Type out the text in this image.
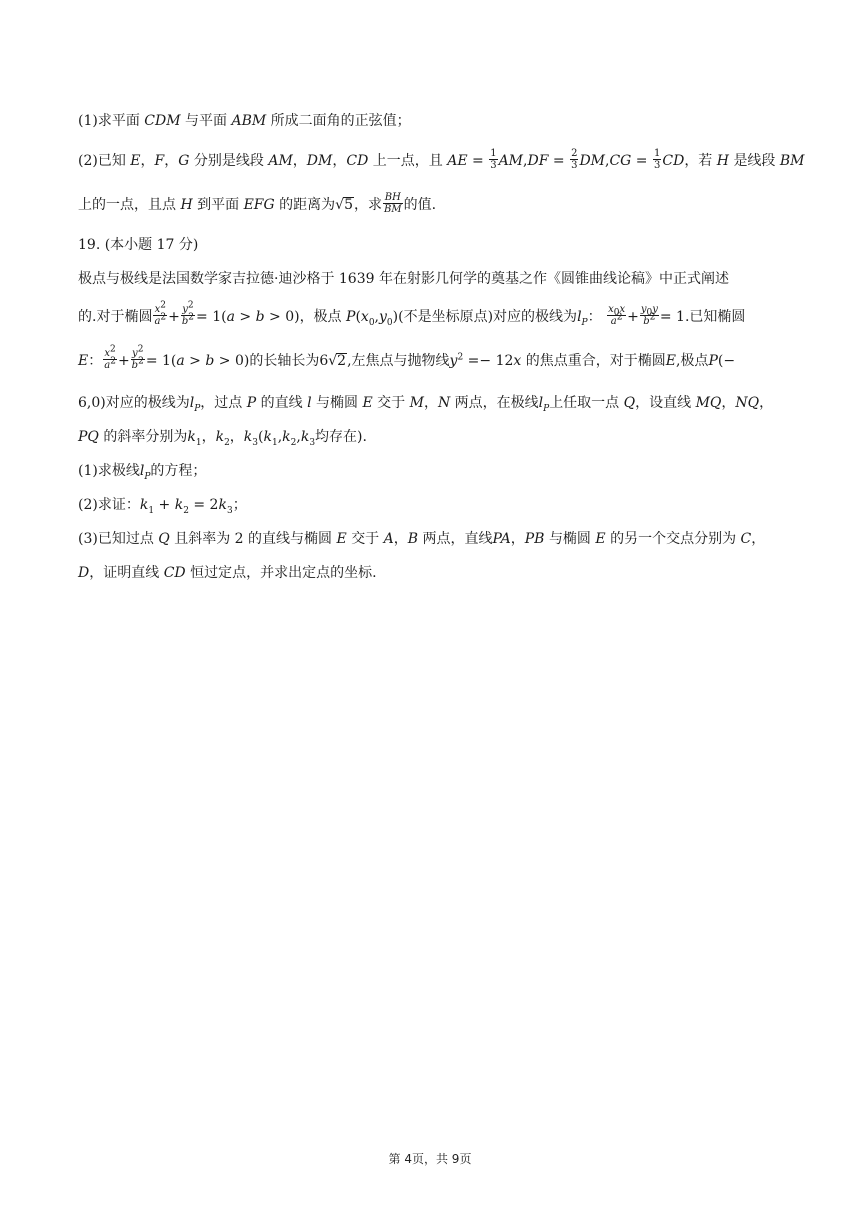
(1)求平面 CDM 与平面 ABM 所成二面角的正弦值；
(2)已知 E，F，G 分别是线段 AM，DM，CD 上一点，且 AE = $\frac{1}{3} AM,DF = \frac{2}{3} DM,CG = \frac{1}{3}$ CD，若 H 是线段 BM
上的一点，且点 H 到平面 EFG 的距离为√5，求 $\frac{BH}{BM}$ 的值.
19. (本小题 17 分)
极点与极线是法国数学家吉拉德·迪沙格于 1639 年在射影几何学的奠基之作《圆锥曲线论稿》中正式阐述
的.对于椭圆 $\frac{x^2}{a^2} + \frac{y^2}{b^2} = 1(a > b > 0)$，极点 $P(x_0,y_0)$(不是坐标原点)对应的极线为$l_P$： $\frac{x_0x}{a^2} + \frac{y_0y}{b^2} = 1$.已知椭圆
E： $\frac{x^2}{a^2} + \frac{y^2}{b^2} = 1(a > b > 0)$的长轴长为6√2,左焦点与抛物线$y^2 =- 12x$ 的焦点重合，对于椭圆E,极点P(−
6,0)对应的极线为$l_P$，过点 P 的直线 l 与椭圆 E 交于 M，N 两点，在极线$l_P$上任取一点 Q，设直线 MQ，NQ，
PQ 的斜率分别为$k_1$，$k_2$，$k_3(k_1,k_2,k_3$均存在).
(1)求极线$l_P$的方程；
(2)求证：$k_1 + k_2 = 2k_3$；
(3)已知过点 Q 且斜率为 2 的直线与椭圆 E 交于 A，B 两点，直线PA，PB 与椭圆 E 的另一个交点分别为 C，
D，证明直线 CD 恒过定点，并求出定点的坐标.
第 4页，共 9页
